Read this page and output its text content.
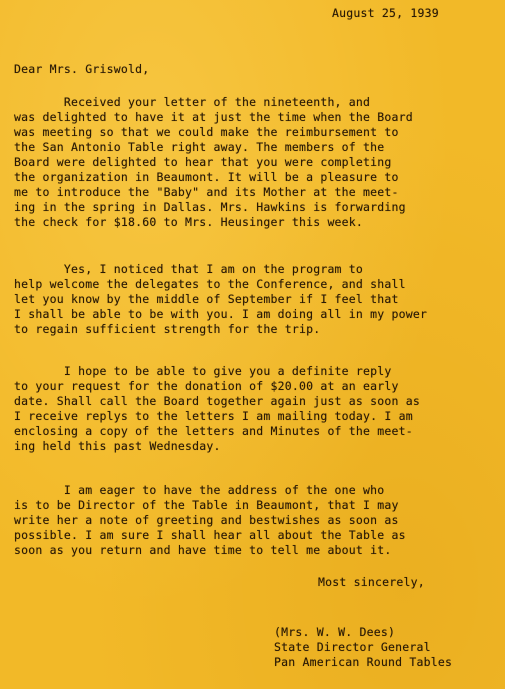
August 25, 1939
Dear Mrs. Griswold,
Received your letter of the nineteenth, and
was delighted to have it at just the time when the Board
was meeting so that we could make the reimbursement to
the San Antonio Table right away. The members of the
Board were delighted to hear that you were completing
the organization in Beaumont. It will be a pleasure to
me to introduce the "Baby" and its Mother at the meet-
ing in the spring in Dallas. Mrs. Hawkins is forwarding
the check for $18.60 to Mrs. Heusinger this week.
Yes, I noticed that I am on the program to
help welcome the delegates to the Conference, and shall
let you know by the middle of September if I feel that
I shall be able to be with you. I am doing all in my power
to regain sufficient strength for the trip.
I hope to be able to give you a definite reply
to your request for the donation of $20.00 at an early
date. Shall call the Board together again just as soon as
I receive replys to the letters I am mailing today. I am
enclosing a copy of the letters and Minutes of the meet-
ing held this past Wednesday.
I am eager to have the address of the one who
is to be Director of the Table in Beaumont, that I may
write her a note of greeting and bestwishes as soon as
possible. I am sure I shall hear all about the Table as
soon as you return and have time to tell me about it.
Most sincerely,
(Mrs. W. W. Dees)
State Director General
Pan American Round Tables
